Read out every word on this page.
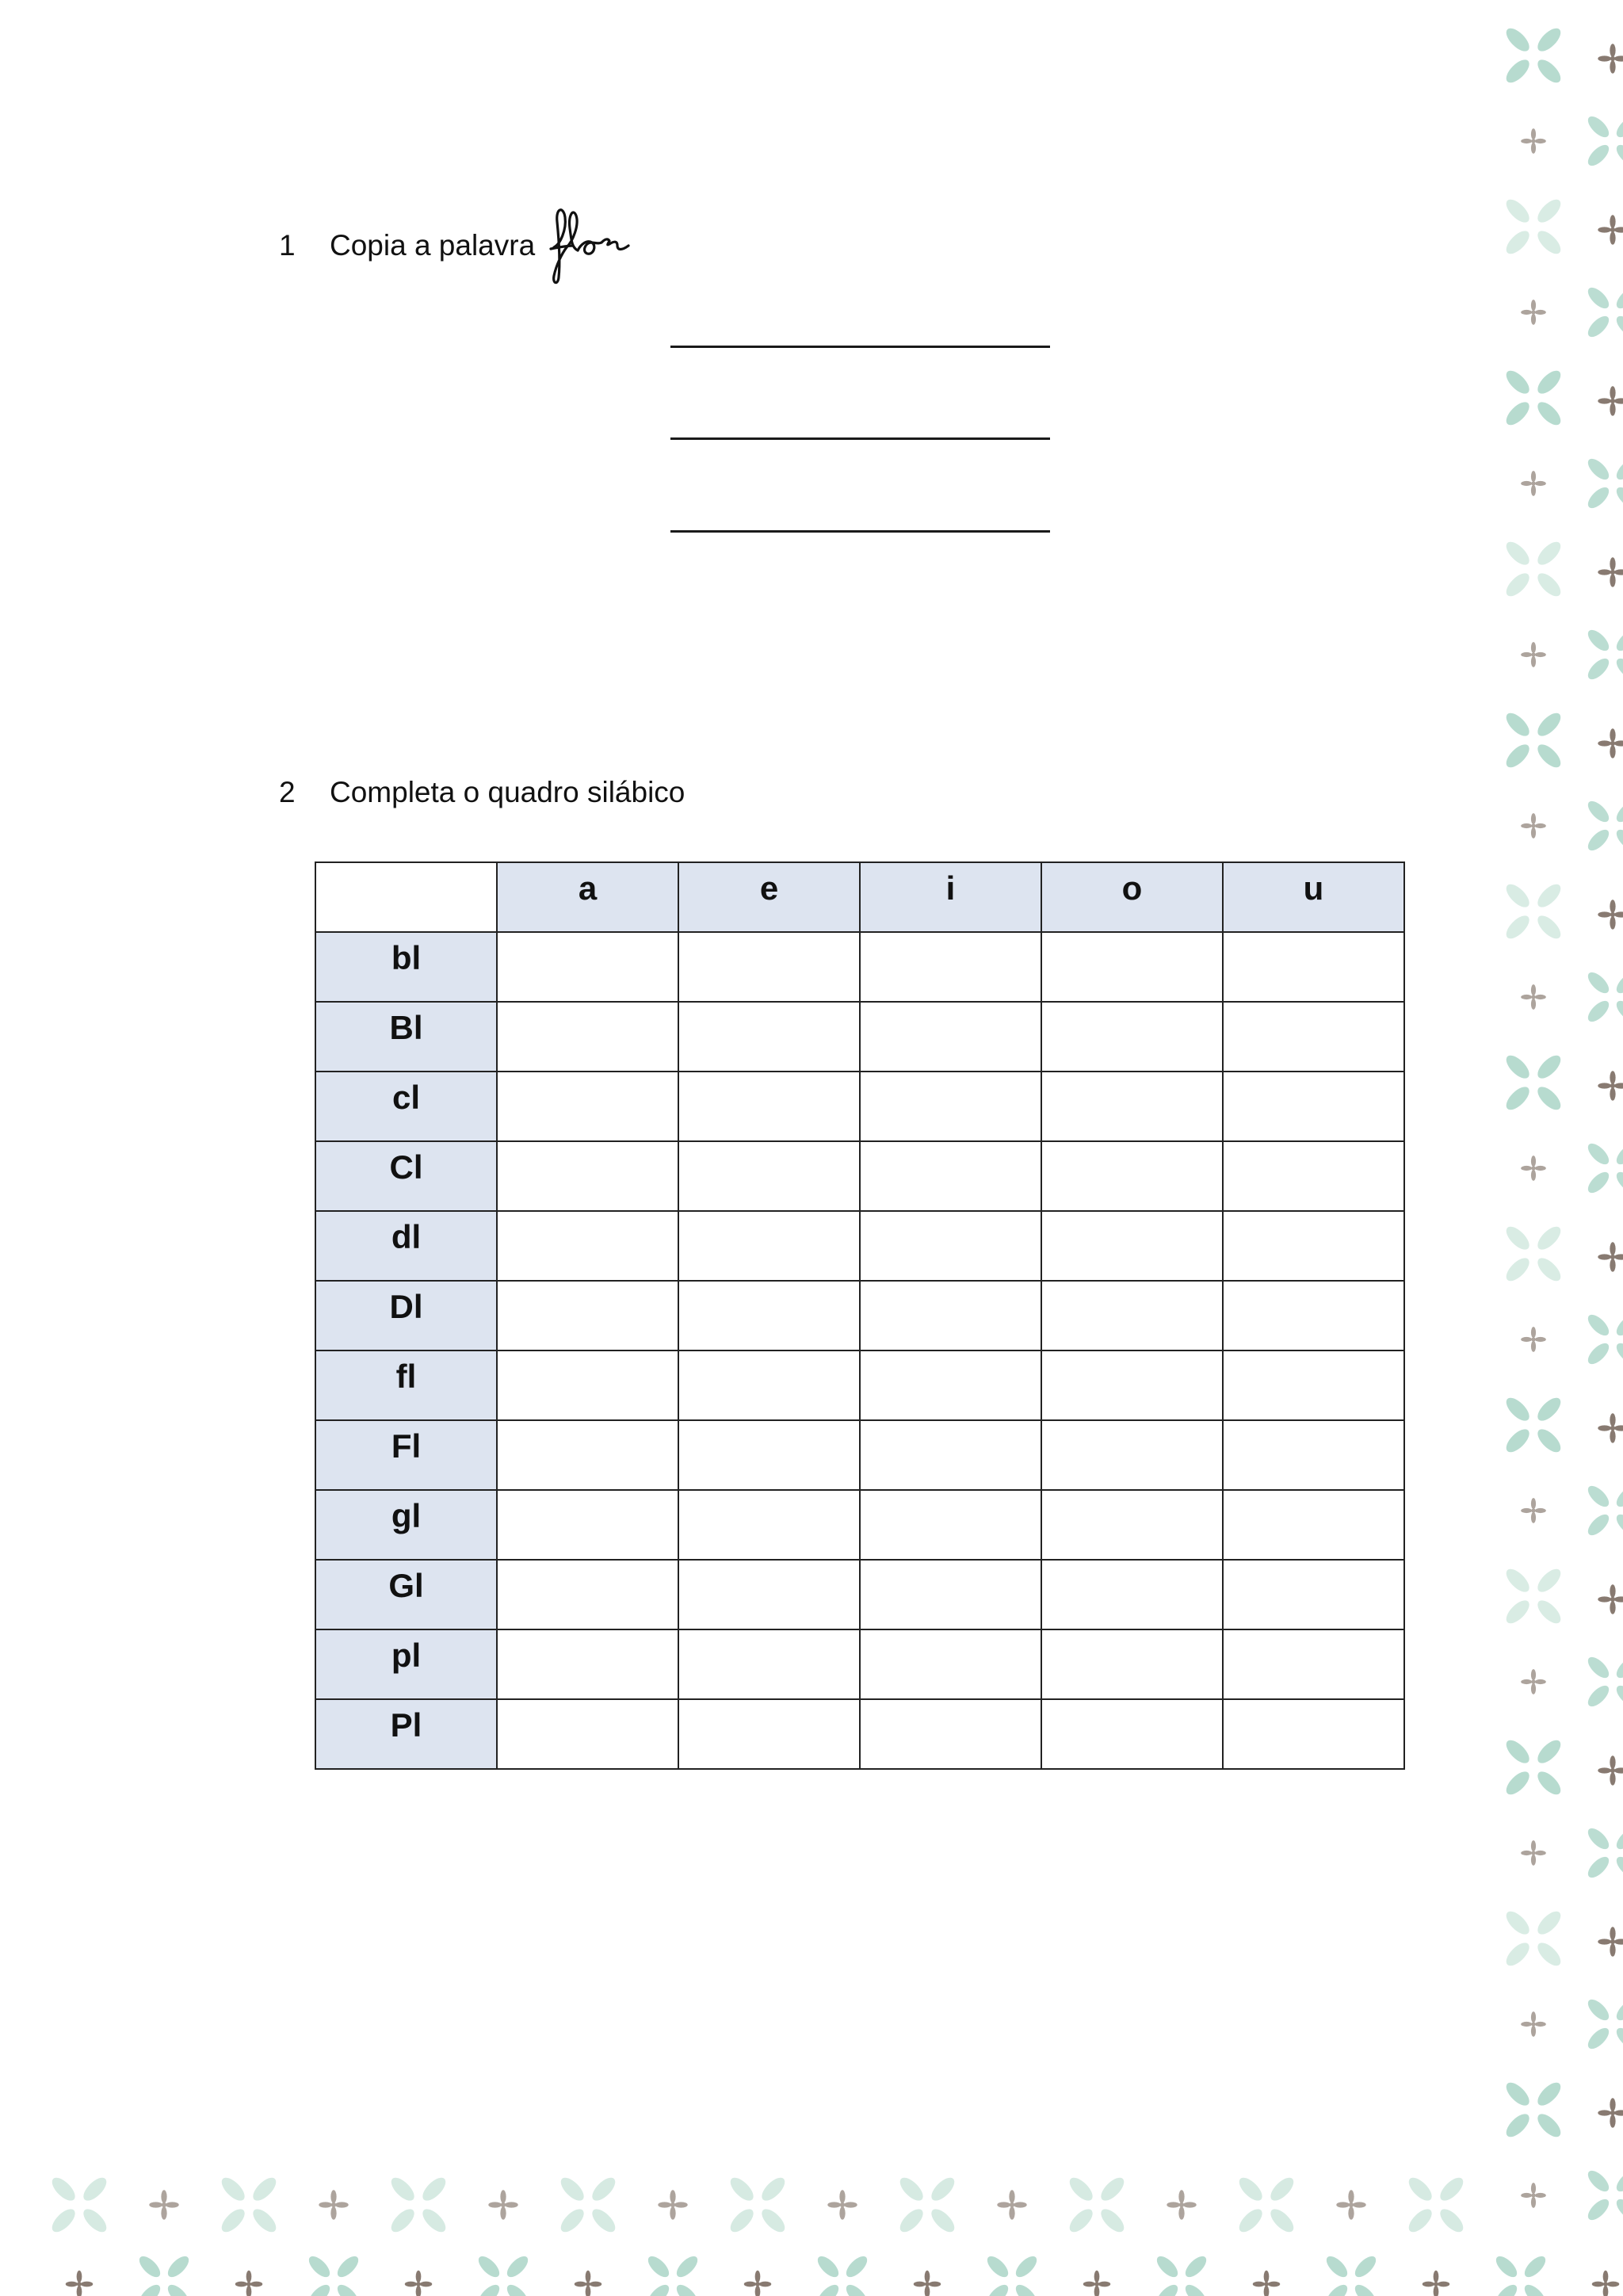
1	Copia a palavra
2	Completa o quadro silábico
	a	e	i	o	u
bl					
Bl					
cl					
Cl					
dl					
Dl					
fl					
Fl					
gl					
Gl					
pl					
Pl					
